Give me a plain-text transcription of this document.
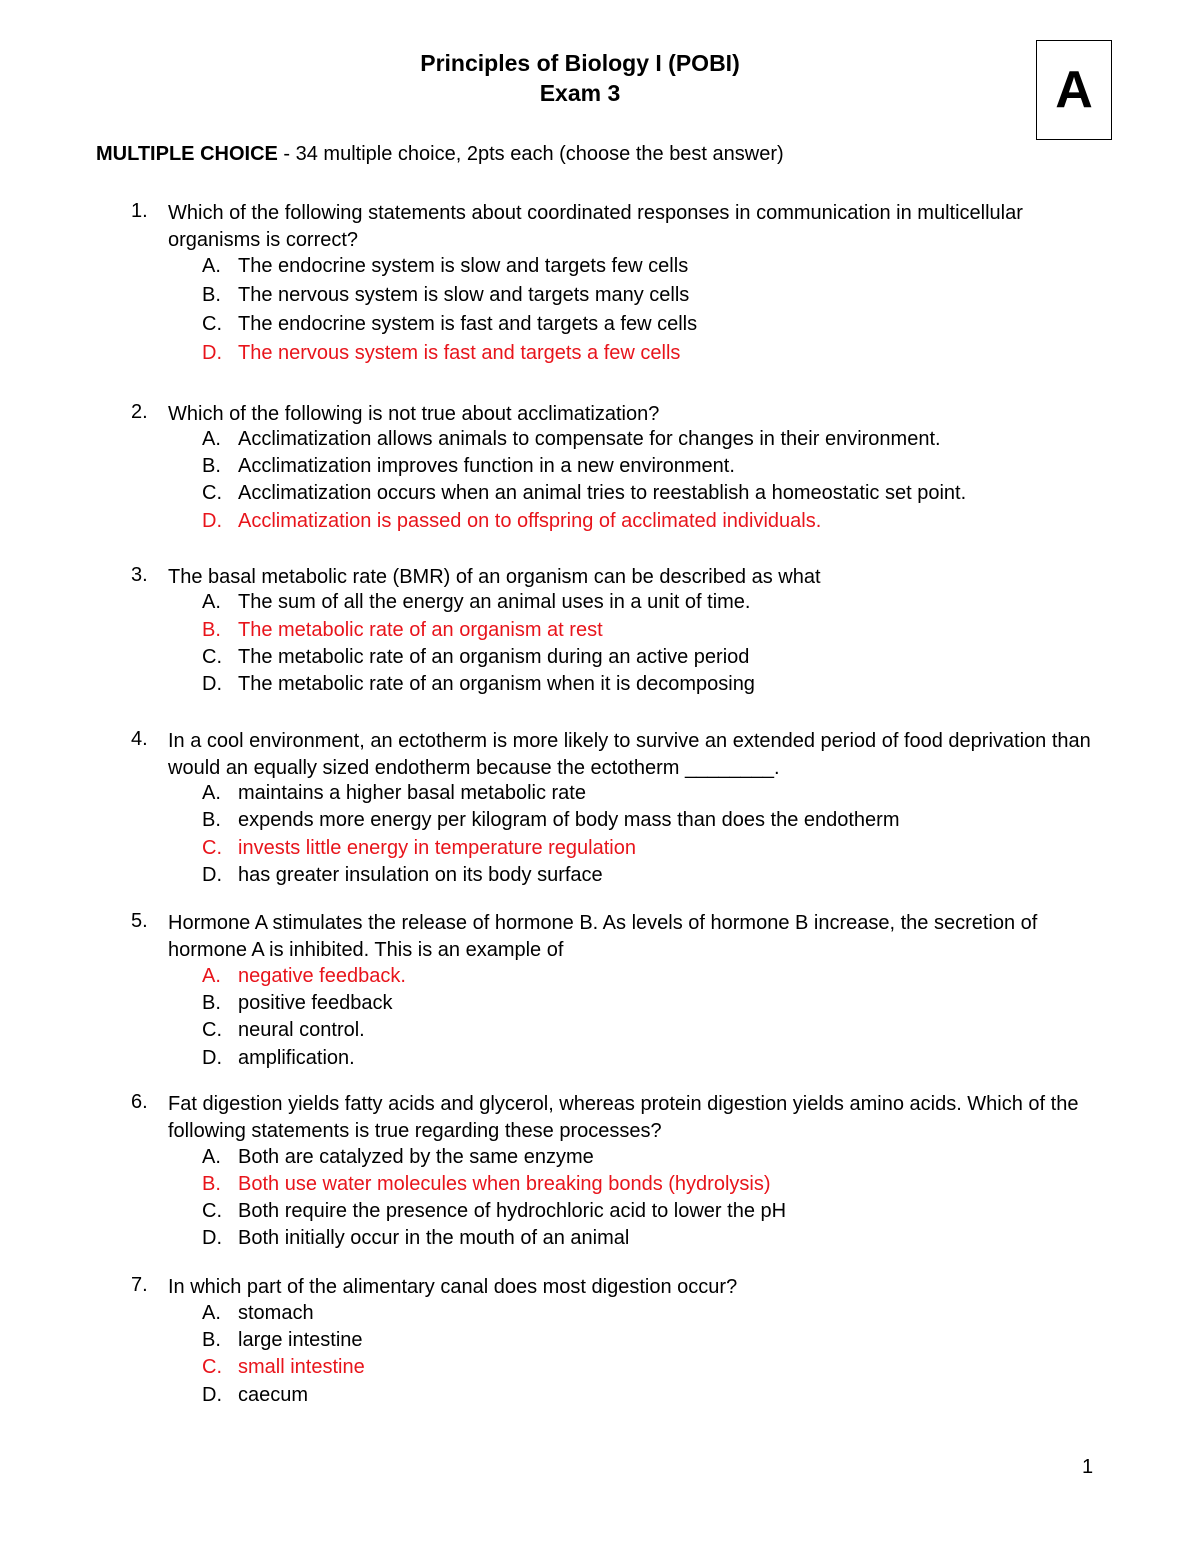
Principles of Biology I (POBI)
Exam 3	A
MULTIPLE CHOICE - 34 multiple choice, 2pts each (choose the best answer)
1. Which of the following statements about coordinated responses in communication in multicellular organisms is correct?
A. The endocrine system is slow and targets few cells
B. The nervous system is slow and targets many cells
C. The endocrine system is fast and targets a few cells
D. The nervous system is fast and targets a few cells
2. Which of the following is not true about acclimatization?
A. Acclimatization allows animals to compensate for changes in their environment.
B. Acclimatization improves function in a new environment.
C. Acclimatization occurs when an animal tries to reestablish a homeostatic set point.
D. Acclimatization is passed on to offspring of acclimated individuals.
3. The basal metabolic rate (BMR) of an organism can be described as what
A. The sum of all the energy an animal uses in a unit of time.
B. The metabolic rate of an organism at rest
C. The metabolic rate of an organism during an active period
D. The metabolic rate of an organism when it is decomposing
4. In a cool environment, an ectotherm is more likely to survive an extended period of food deprivation than would an equally sized endotherm because the ectotherm ________.
A. maintains a higher basal metabolic rate
B. expends more energy per kilogram of body mass than does the endotherm
C. invests little energy in temperature regulation
D. has greater insulation on its body surface
5. Hormone A stimulates the release of hormone B. As levels of hormone B increase, the secretion of hormone A is inhibited. This is an example of
A. negative feedback.
B. positive feedback
C. neural control.
D. amplification.
6. Fat digestion yields fatty acids and glycerol, whereas protein digestion yields amino acids. Which of the following statements is true regarding these processes?
A. Both are catalyzed by the same enzyme
B. Both use water molecules when breaking bonds (hydrolysis)
C. Both require the presence of hydrochloric acid to lower the pH
D. Both initially occur in the mouth of an animal
7. In which part of the alimentary canal does most digestion occur?
A. stomach
B. large intestine
C. small intestine
D. caecum
1
